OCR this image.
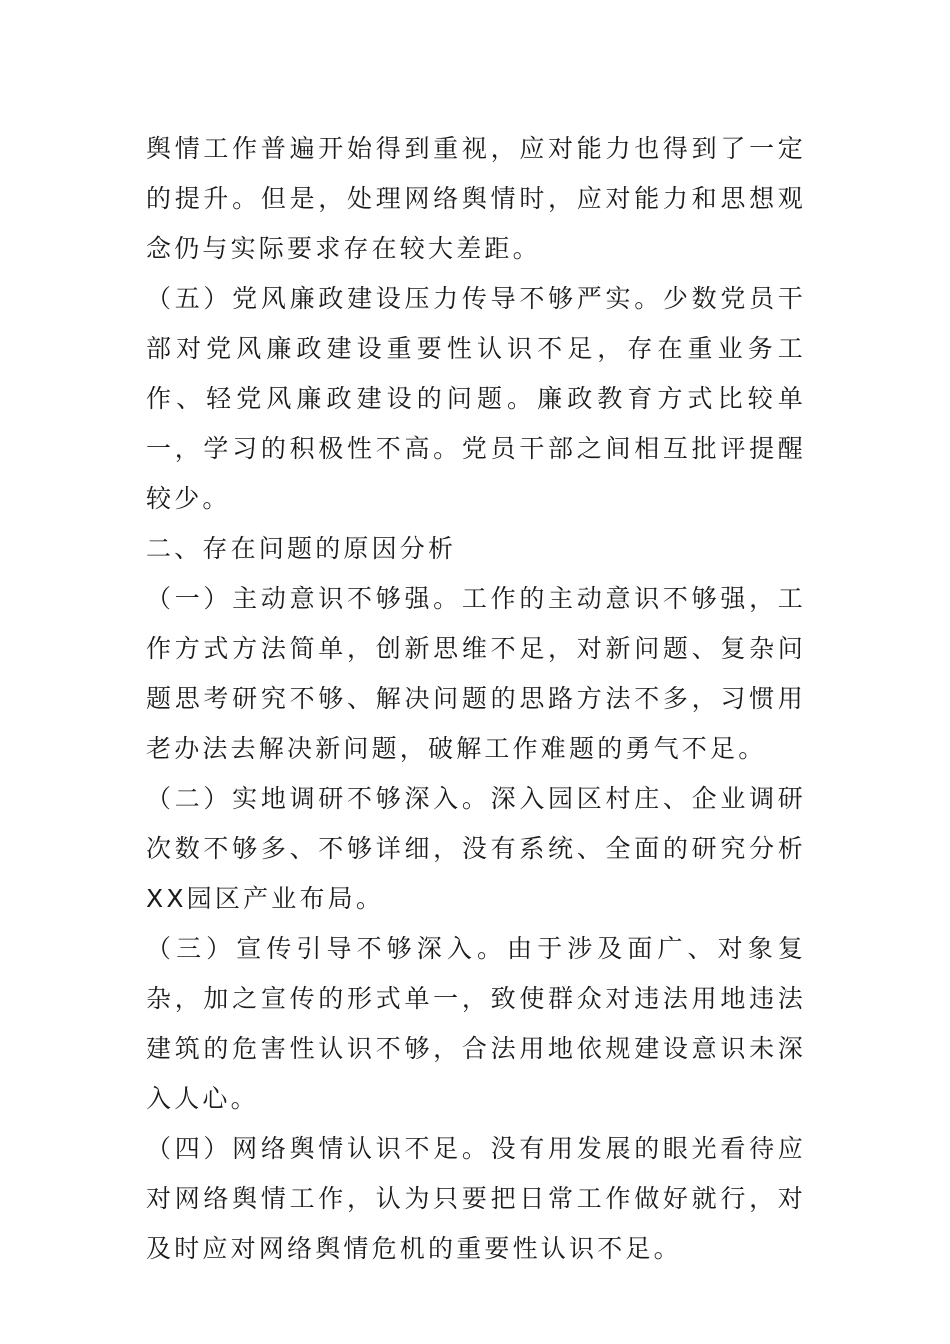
舆情工作普遍开始得到重视，应对能力也得到了一定的提升。但是，处理网络舆情时，应对能力和思想观念仍与实际要求存在较大差距。

（五）党风廉政建设压力传导不够严实。少数党员干部对党风廉政建设重要性认识不足，存在重业务工作、轻党风廉政建设的问题。廉政教育方式比较单一，学习的积极性不高。党员干部之间相互批评提醒较少。

二、存在问题的原因分析

（一）主动意识不够强。工作的主动意识不够强，工作方式方法简单，创新思维不足，对新问题、复杂问题思考研究不够、解决问题的思路方法不多，习惯用老办法去解决新问题，破解工作难题的勇气不足。

（二）实地调研不够深入。深入园区村庄、企业调研次数不够多、不够详细，没有系统、全面的研究分析XX园区产业布局。

（三）宣传引导不够深入。由于涉及面广、对象复杂，加之宣传的形式单一，致使群众对违法用地违法建筑的危害性认识不够，合法用地依规建设意识未深入人心。

（四）网络舆情认识不足。没有用发展的眼光看待应对网络舆情工作，认为只要把日常工作做好就行，对及时应对网络舆情危机的重要性认识不足。
